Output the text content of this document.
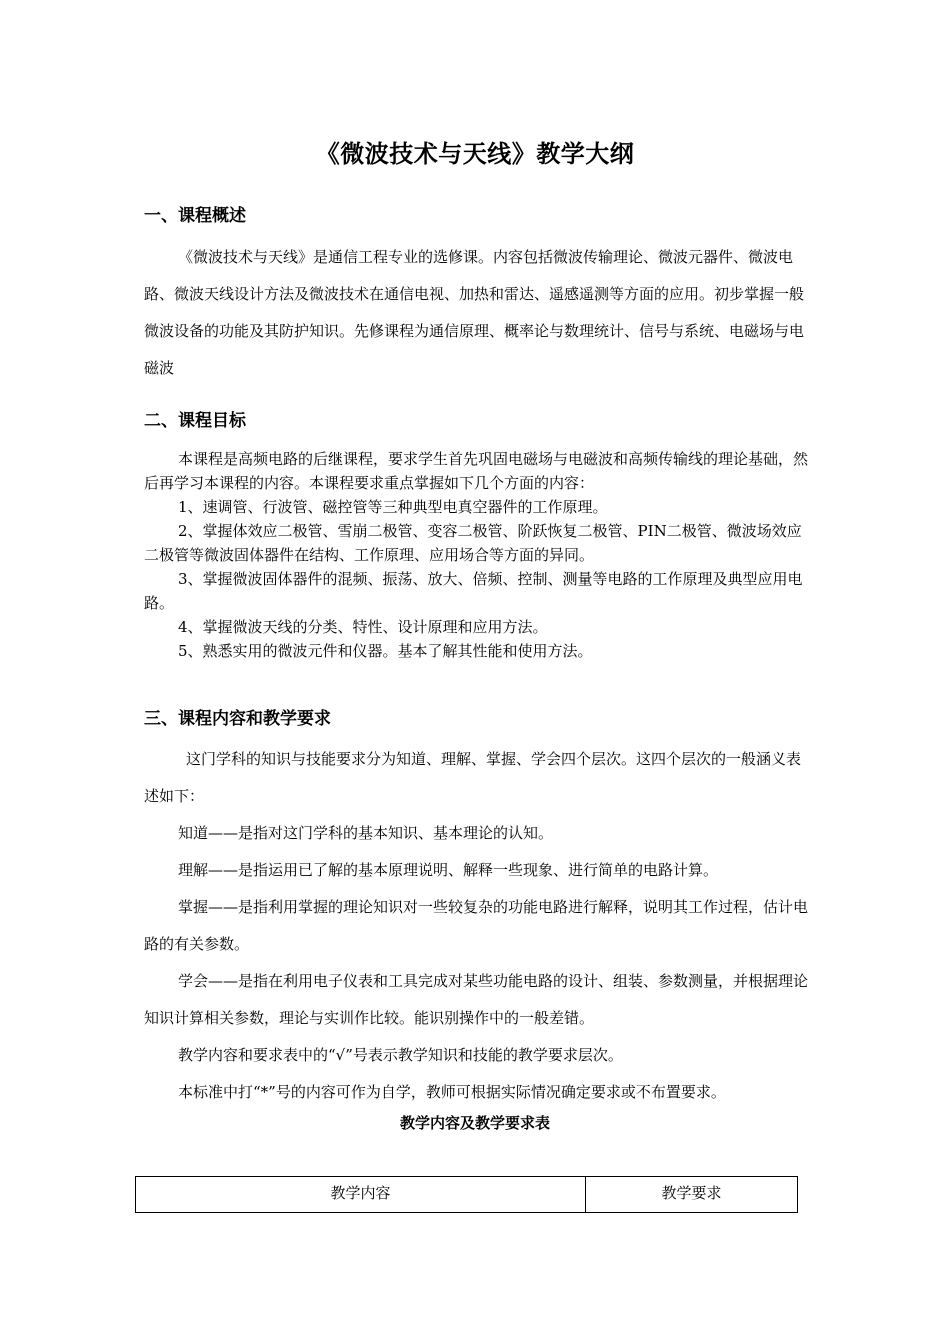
《微波技术与天线》教学大纲
一、课程概述

《微波技术与天线》是通信工程专业的选修课。内容包括微波传输理论、微波元器件、微波电路、微波天线设计方法及微波技术在通信电视、加热和雷达、遥感遥测等方面的应用。初步掌握一般微波设备的功能及其防护知识。先修课程为通信原理、概率论与数理统计、信号与系统、电磁场与电磁波

二、课程目标

本课程是高频电路的后继课程，要求学生首先巩固电磁场与电磁波和高频传输线的理论基础，然后再学习本课程的内容。本课程要求重点掌握如下几个方面的内容：

1、速调管、行波管、磁控管等三种典型电真空器件的工作原理。

2、掌握体效应二极管、雪崩二极管、变容二极管、阶跃恢复二极管、PIN二极管、微波场效应二极管等微波固体器件在结构、工作原理、应用场合等方面的异同。

3、掌握微波固体器件的混频、振荡、放大、倍频、控制、测量等电路的工作原理及典型应用电路。

4、掌握微波天线的分类、特性、设计原理和应用方法。

5、熟悉实用的微波元件和仪器。基本了解其性能和使用方法。

三、课程内容和教学要求

这门学科的知识与技能要求分为知道、理解、掌握、学会四个层次。这四个层次的一般涵义表述如下：

知道——是指对这门学科的基本知识、基本理论的认知。

理解——是指运用已了解的基本原理说明、解释一些现象、进行简单的电路计算。

掌握——是指利用掌握的理论知识对一些较复杂的功能电路进行解释，说明其工作过程，估计电路的有关参数。

学会——是指在利用电子仪表和工具完成对某些功能电路的设计、组装、参数测量，并根据理论知识计算相关参数，理论与实训作比较。能识别操作中的一般差错。

教学内容和要求表中的“√”号表示教学知识和技能的教学要求层次。

本标准中打“*”号的内容可作为自学，教师可根据实际情况确定要求或不布置要求。

教学内容及教学要求表
教学内容	教学要求
